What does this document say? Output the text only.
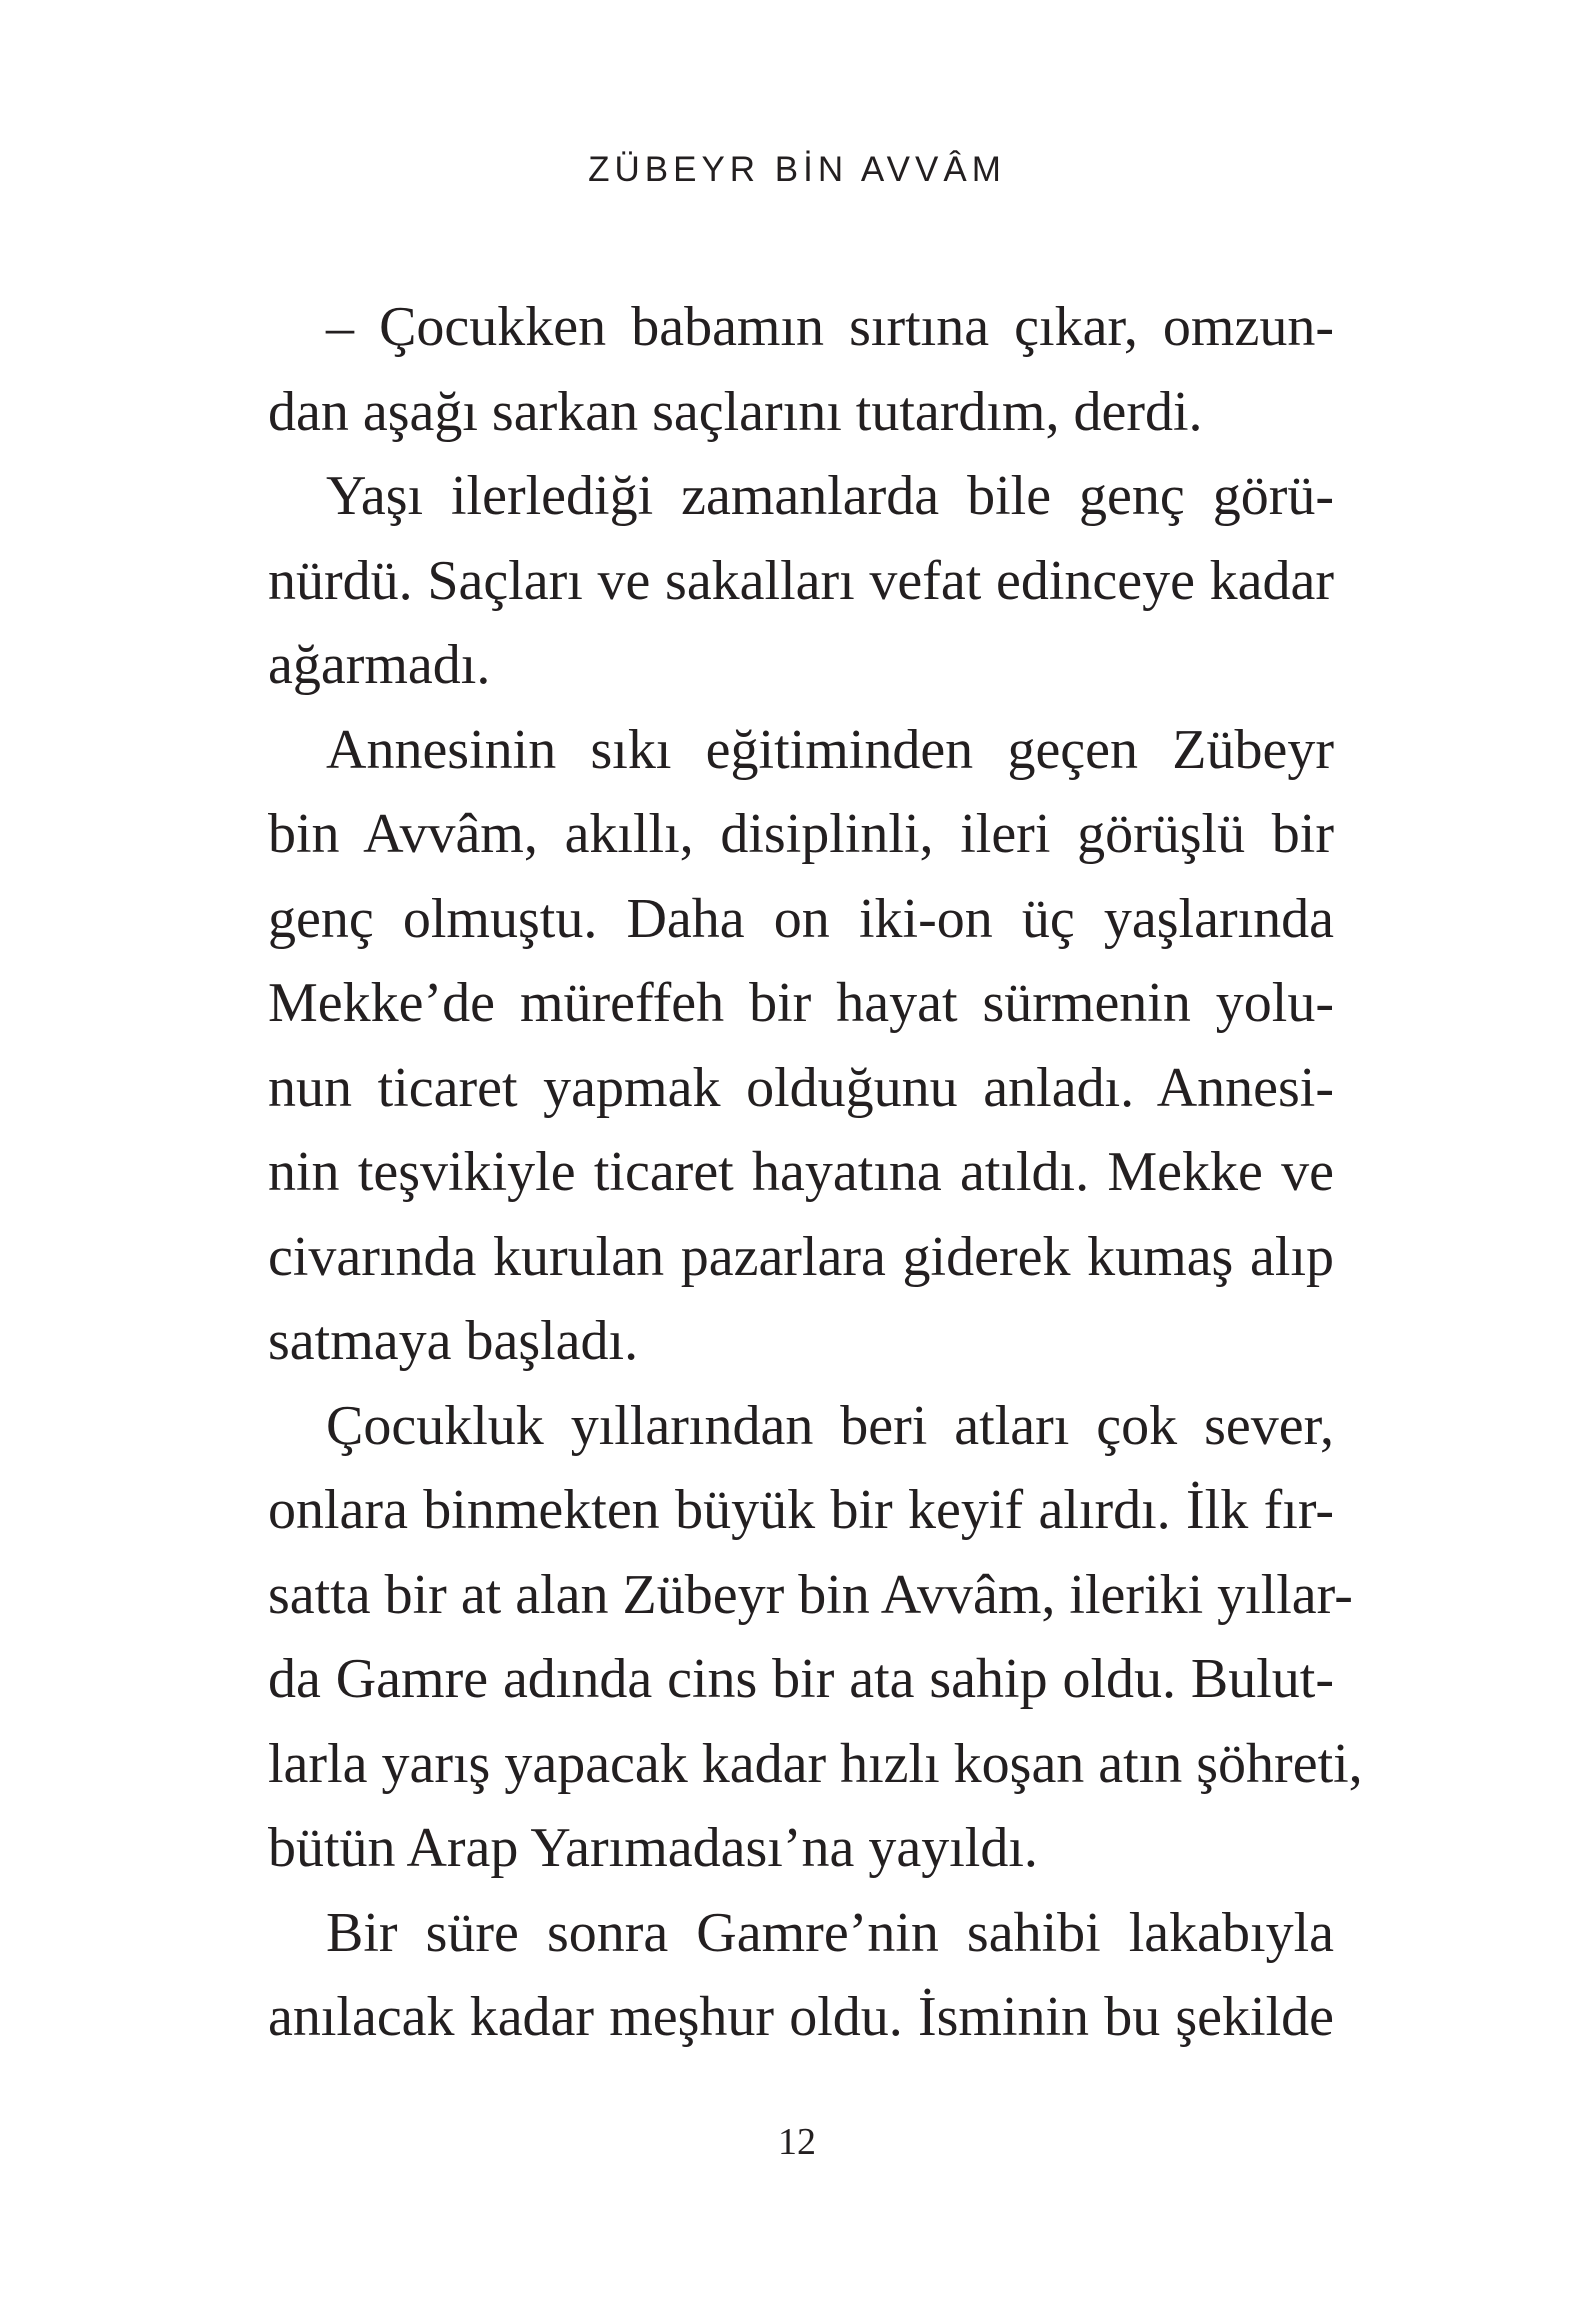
ZÜBEYR BİN AVVÂM
– Çocukken babamın sırtına çıkar, omzun-
dan aşağı sarkan saçlarını tutardım, derdi.
Yaşı ilerlediği zamanlarda bile genç görü-
nürdü. Saçları ve sakalları vefat edinceye kadar
ağarmadı.
Annesinin sıkı eğitiminden geçen Zübeyr
bin Avvâm, akıllı, disiplinli, ileri görüşlü bir
genç olmuştu. Daha on iki-on üç yaşlarında
Mekke’de müreffeh bir hayat sürmenin yolu-
nun ticaret yapmak olduğunu anladı. Annesi-
nin teşvikiyle ticaret hayatına atıldı. Mekke ve
civarında kurulan pazarlara giderek kumaş alıp
satmaya başladı.
Çocukluk yıllarından beri atları çok sever,
onlara binmekten büyük bir keyif alırdı. İlk fır-
satta bir at alan Zübeyr bin Avvâm, ileriki yıllar-
da Gamre adında cins bir ata sahip oldu. Bulut-
larla yarış yapacak kadar hızlı koşan atın şöhreti,
bütün Arap Yarımadası’na yayıldı.
Bir süre sonra Gamre’nin sahibi lakabıyla
anılacak kadar meşhur oldu. İsminin bu şekilde
12
